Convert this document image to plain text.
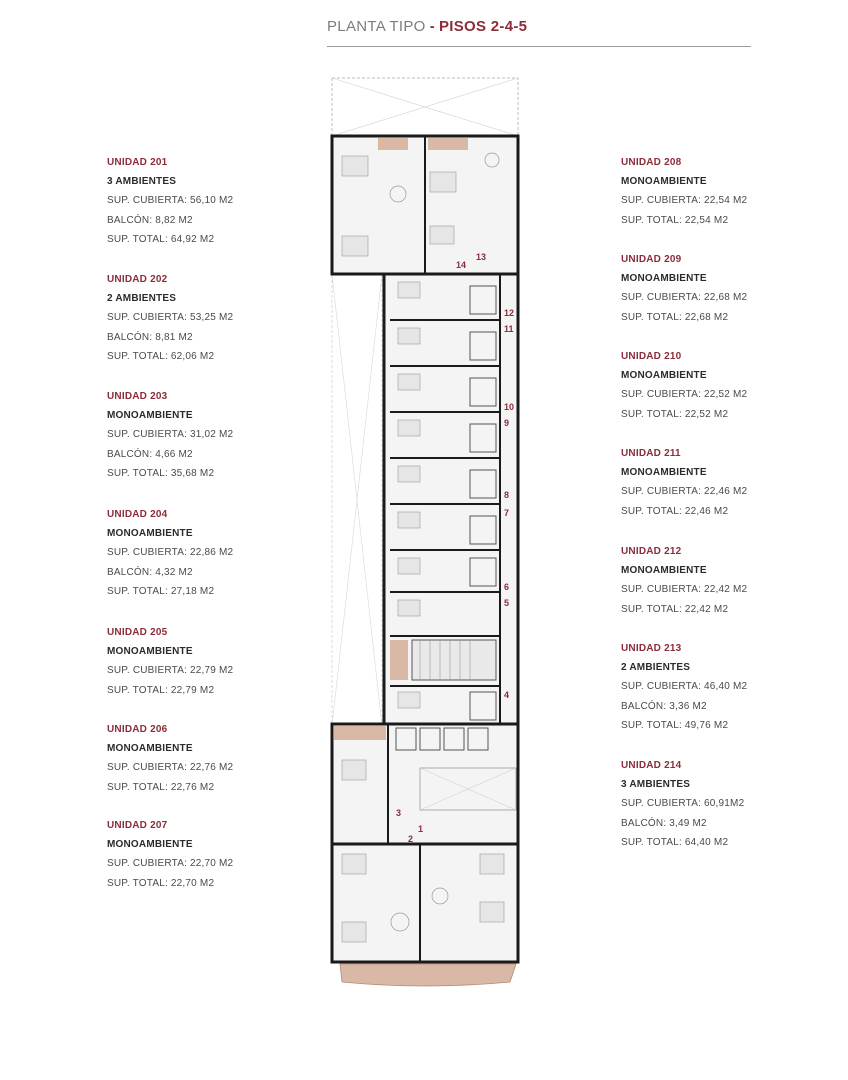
PLANTA TIPO - PISOS 2-4-5
UNIDAD 201
3 AMBIENTES
SUP. CUBIERTA: 56,10 M2
BALCÓN: 8,82 M2
SUP. TOTAL: 64,92 M2
UNIDAD 202
2 AMBIENTES
SUP. CUBIERTA: 53,25 M2
BALCÓN: 8,81 M2
SUP. TOTAL: 62,06 M2
UNIDAD 203
MONOAMBIENTE
SUP. CUBIERTA: 31,02 M2
BALCÓN: 4,66 M2
SUP. TOTAL: 35,68 M2
UNIDAD 204
MONOAMBIENTE
SUP. CUBIERTA: 22,86 M2
BALCÓN: 4,32 M2
SUP. TOTAL: 27,18 M2
UNIDAD 205
MONOAMBIENTE
SUP. CUBIERTA: 22,79 M2
SUP. TOTAL: 22,79 M2
UNIDAD 206
MONOAMBIENTE
SUP. CUBIERTA: 22,76 M2
SUP. TOTAL: 22,76 M2
UNIDAD 207
MONOAMBIENTE
SUP. CUBIERTA: 22,70 M2
SUP. TOTAL: 22,70 M2
UNIDAD 208
MONOAMBIENTE
SUP. CUBIERTA: 22,54 M2
SUP. TOTAL: 22,54 M2
UNIDAD 209
MONOAMBIENTE
SUP. CUBIERTA: 22,68 M2
SUP. TOTAL: 22,68 M2
UNIDAD 210
MONOAMBIENTE
SUP. CUBIERTA: 22,52 M2
SUP. TOTAL: 22,52 M2
UNIDAD 211
MONOAMBIENTE
SUP. CUBIERTA: 22,46 M2
SUP. TOTAL: 22,46 M2
UNIDAD 212
MONOAMBIENTE
SUP. CUBIERTA: 22,42 M2
SUP. TOTAL: 22,42 M2
UNIDAD 213
2 AMBIENTES
SUP. CUBIERTA: 46,40 M2
BALCÓN: 3,36 M2
SUP. TOTAL: 49,76 M2
UNIDAD 214
3 AMBIENTES
SUP. CUBIERTA: 60,91M2
BALCÓN: 3,49 M2
SUP. TOTAL: 64,40 M2
14
13
12
11
10
9
8
7
6
5
4
3
2
1
